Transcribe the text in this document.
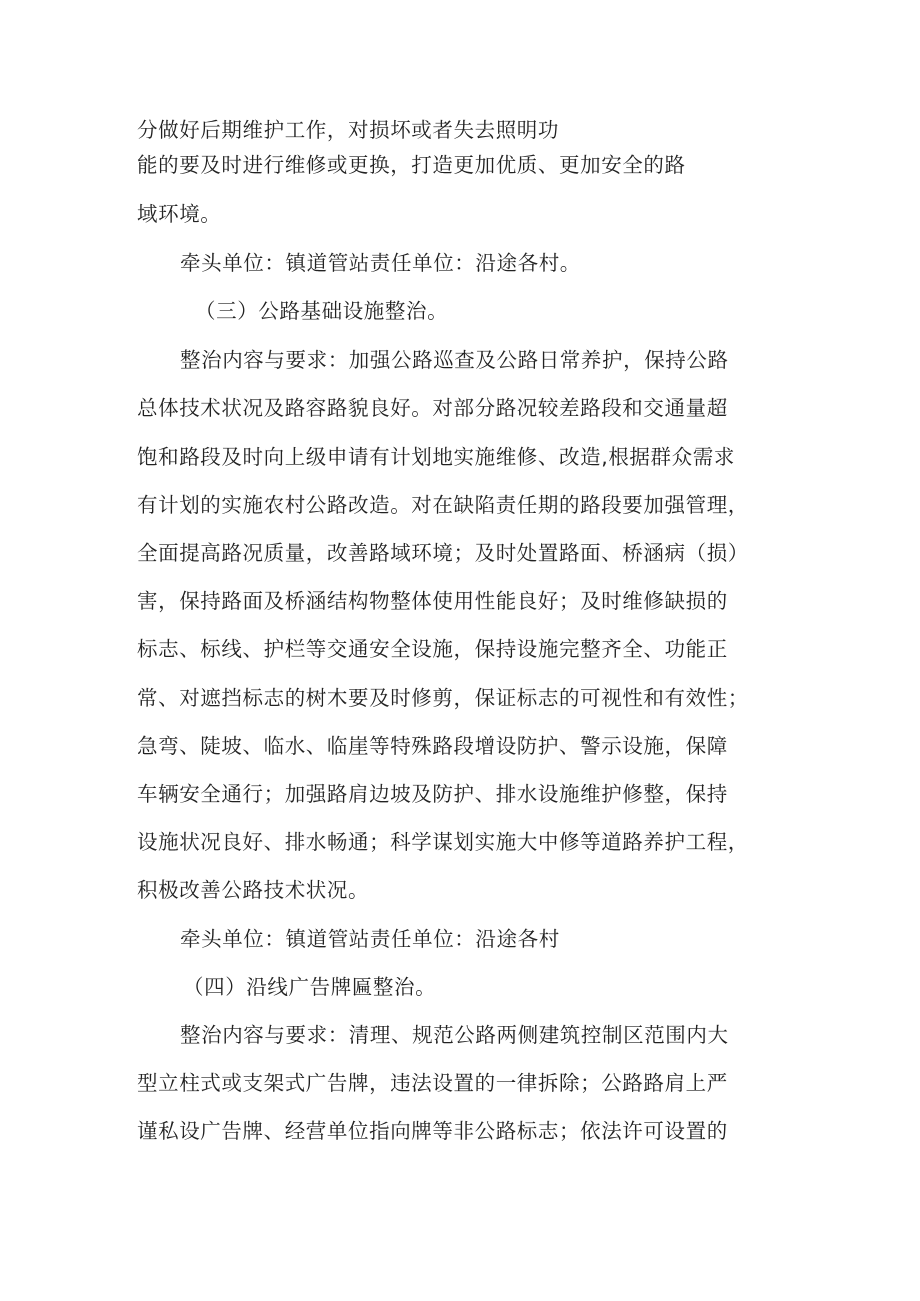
分做好后期维护工作，对损坏或者失去照明功
能的要及时进行维修或更换，打造更加优质、更加安全的路
域环境。
牵头单位：镇道管站责任单位：沿途各村。
（三）公路基础设施整治。
整治内容与要求：加强公路巡查及公路日常养护，保持公路
总体技术状况及路容路貌良好。对部分路况较差路段和交通量超
饱和路段及时向上级申请有计划地实施维修、改造,根据群众需求
有计划的实施农村公路改造。对在缺陷责任期的路段要加强管理，
全面提高路况质量，改善路域环境；及时处置路面、桥涵病（损）
害，保持路面及桥涵结构物整体使用性能良好；及时维修缺损的
标志、标线、护栏等交通安全设施，保持设施完整齐全、功能正
常、对遮挡标志的树木要及时修剪，保证标志的可视性和有效性；
急弯、陡坡、临水、临崖等特殊路段增设防护、警示设施，保障
车辆安全通行；加强路肩边坡及防护、排水设施维护修整，保持
设施状况良好、排水畅通；科学谋划实施大中修等道路养护工程，
积极改善公路技术状况。
牵头单位：镇道管站责任单位：沿途各村
（四）沿线广告牌匾整治。
整治内容与要求：清理、规范公路两侧建筑控制区范围内大
型立柱式或支架式广告牌，违法设置的一律拆除；公路路肩上严
谨私设广告牌、经营单位指向牌等非公路标志；依法许可设置的
